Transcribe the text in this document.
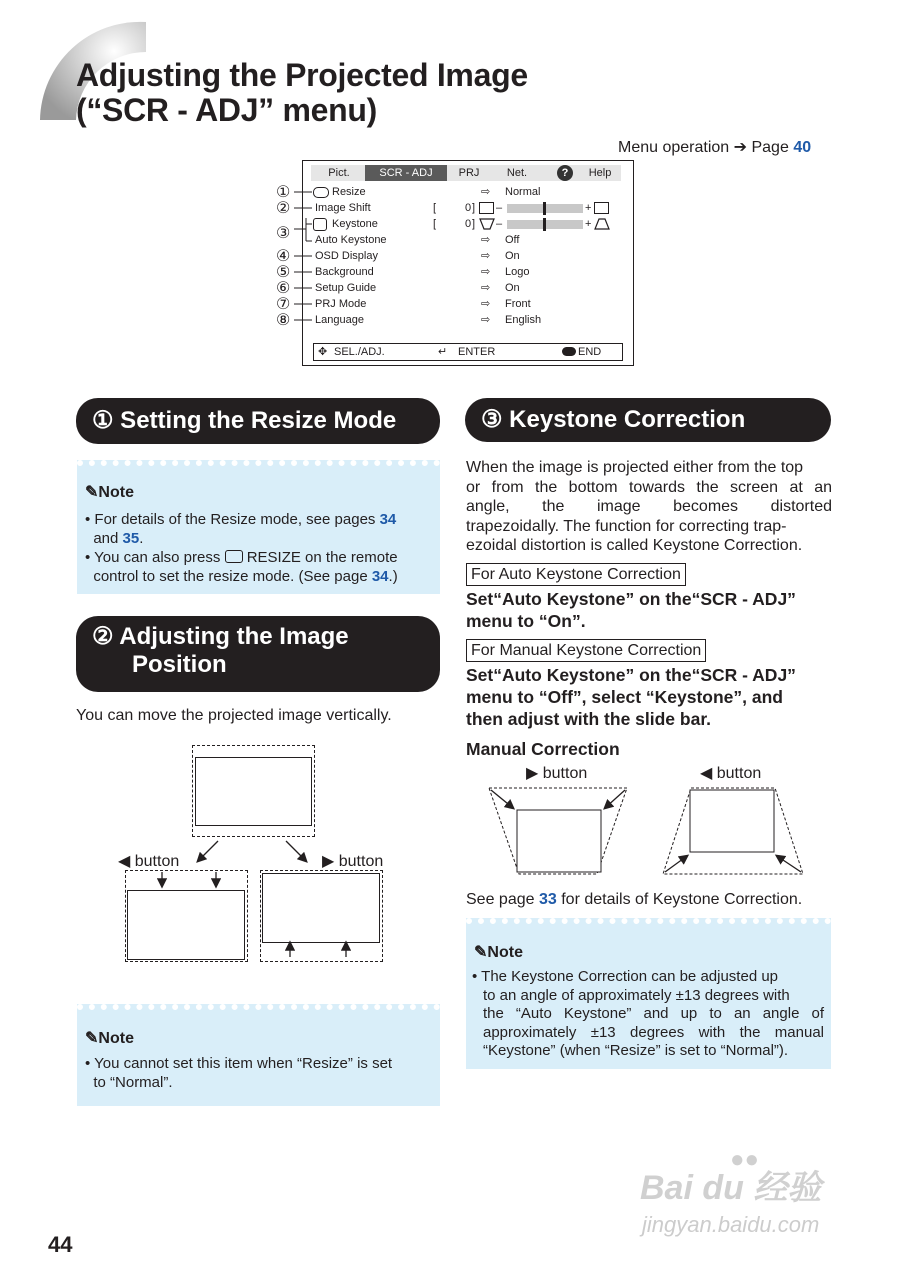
Adjusting the Projected Image
(“SCR - ADJ” menu)
Menu operation ➔ Page 40
Pict.	SCR - ADJ	PRJ	Net.	?	Help
Resize	⇨ Normal
Image Shift	[	0 ] –	+
Keystone	[	0 ] –	+
Auto Keystone	⇨ Off
OSD Display	⇨ On
Background	⇨ Logo
Setup Guide	⇨ On
PRJ Mode	⇨ Front
Language	⇨ English
✥ SEL./ADJ.	↵ ENTER	END
①
②
③
④
⑤
⑥
⑦
⑧
① Setting the Resize Mode
✎Note
• For details of the Resize mode, see pages 34
and 35.
• You can also press RESIZE on the remote
control to set the resize mode. (See page 34.)
② Adjusting the Image
Position
You can move the projected image vertically.
◀ button	▶ button
✎Note
• You cannot set this item when “Resize” is set
to “Normal”.
③ Keystone Correction
When the image is projected either from the top
or from the bottom towards the screen at an
angle, the image becomes distorted
trapezoidally. The function for correcting trap-
ezoidal distortion is called Keystone Correction.
For Auto Keystone Correction
Set“Auto Keystone” on the“SCR - ADJ”
menu to “On”.
For Manual Keystone Correction
Set“Auto Keystone” on the“SCR - ADJ”
menu to “Off”, select “Keystone”, and
then adjust with the slide bar.
Manual Correction
▶ button	◀ button
See page 33 for details of Keystone Correction.
✎Note
• The Keystone Correction can be adjusted up
to an angle of approximately ±13 degrees with
the “Auto Keystone” and up to an angle of
approximately ±13 degrees with the manual
“Keystone” (when “Resize” is set to “Normal”).
44
●●
Bai du 经验
jingyan.baidu.com
